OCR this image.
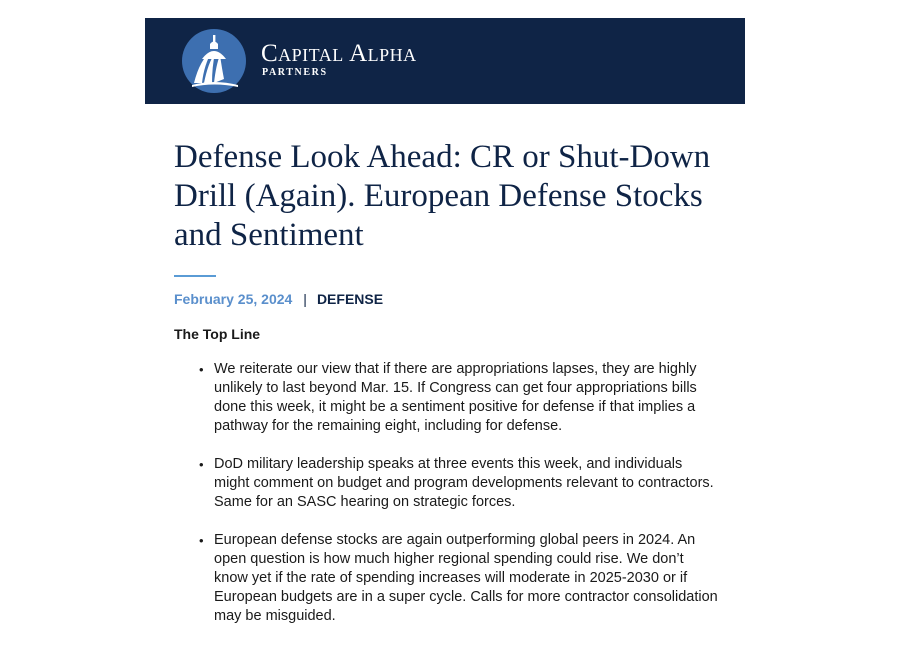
Capital Alpha
PARTNERS
Defense Look Ahead: CR or Shut-Down Drill (Again). European Defense Stocks and Sentiment
February 25, 2024 | DEFENSE
The Top Line
• We reiterate our view that if there are appropriations lapses, they are highly unlikely to last beyond Mar. 15. If Congress can get four appropriations bills done this week, it might be a sentiment positive for defense if that implies a pathway for the remaining eight, including for defense.
• DoD military leadership speaks at three events this week, and individuals might comment on budget and program developments relevant to contractors. Same for an SASC hearing on strategic forces.
• European defense stocks are again outperforming global peers in 2024. An open question is how much higher regional spending could rise. We don’t know yet if the rate of spending increases will moderate in 2025-2030 or if European budgets are in a super cycle. Calls for more contractor consolidation may be misguided.
